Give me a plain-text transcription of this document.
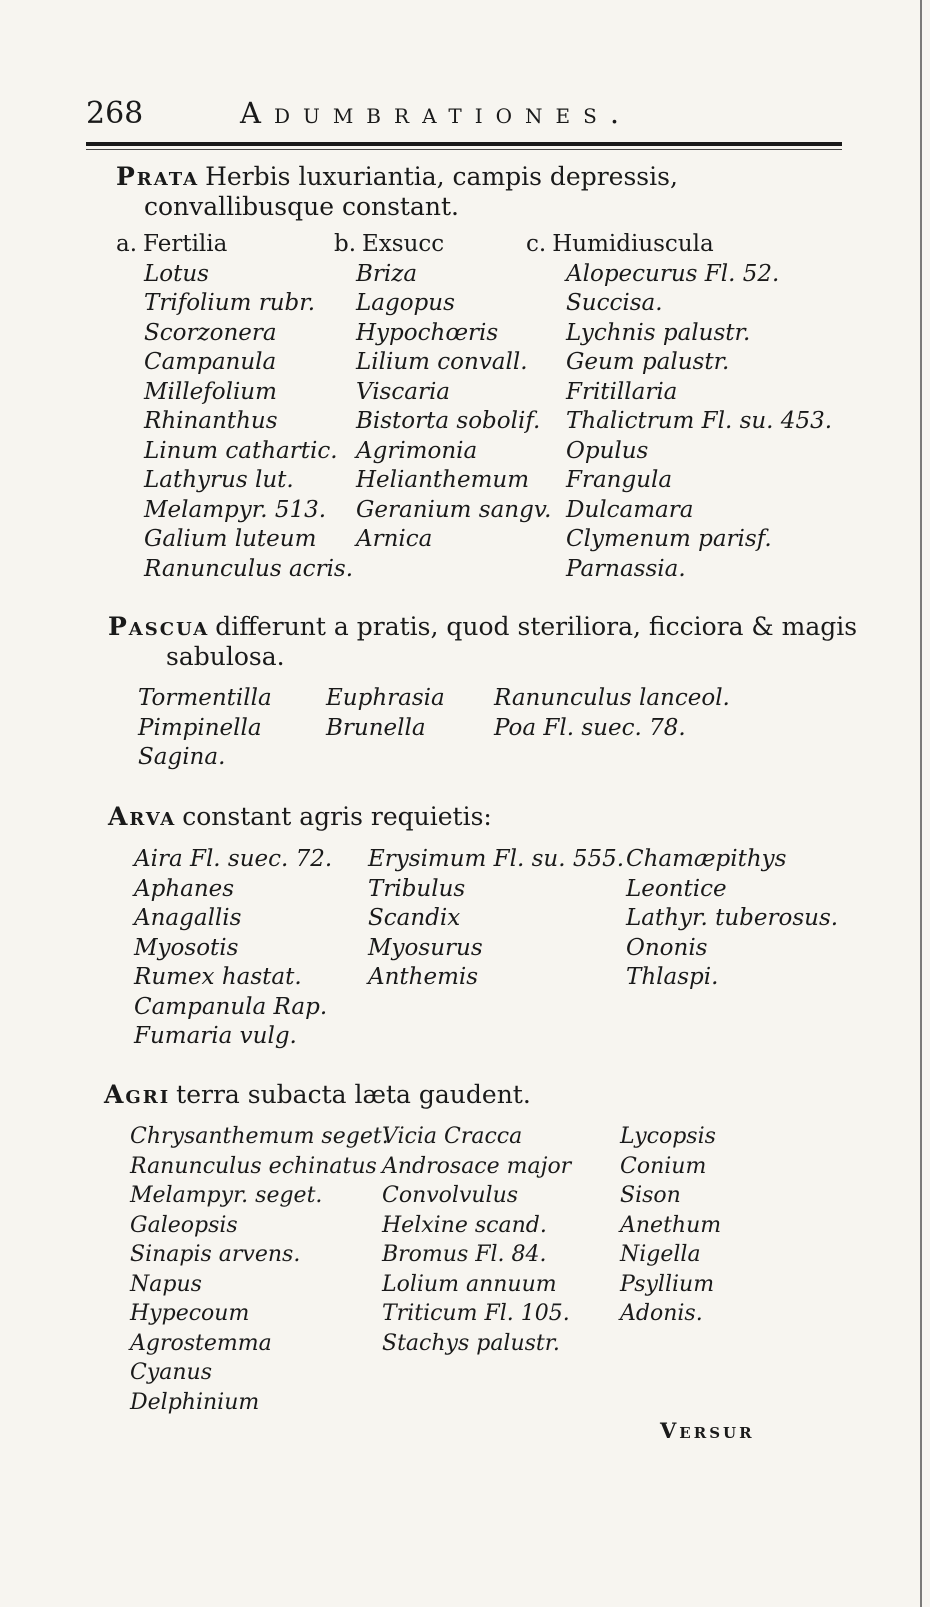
268	Adumbrationes.
Prata Herbis luxuriantia, campis depressis, convallibusque constant.
a. Fertilia
Lotus
Trifolium rubr.
Scorzonera
Campanula
Millefolium
Rhinanthus
Linum cathartic.
Lathyrus lut.
Melampyr. 513.
Galium luteum
Ranunculus acris.
b. Exsucc
Briza
Lagopus
Hypochœris
Lilium convall.
Viscaria
Bistorta sobolif.
Agrimonia
Helianthemum
Geranium sangv.
Arnica
c. Humidiuscula
Alopecurus Fl. 52.
Succisa.
Lychnis palustr.
Geum palustr.
Fritillaria
Thalictrum Fl. su. 453.
Opulus
Frangula
Dulcamara
Clymenum parisf.
Parnassia.
Pascua differunt a pratis, quod steriliora, ficciora & magis sabulosa.
Tormentilla
Pimpinella
Sagina.
Euphrasia
Brunella
Ranunculus lanceol.
Poa Fl. suec. 78.
Arva constant agris requietis:
Aira Fl. suec. 72.
Aphanes
Anagallis
Myosotis
Rumex hastat.
Campanula Rap.
Fumaria vulg.
Erysimum Fl. su. 555.
Tribulus
Scandix
Myosurus
Anthemis
Chamæpithys
Leontice
Lathyr. tuberosus.
Ononis
Thlaspi.
Agri terra subacta læta gaudent.
Chrysanthemum seget.
Ranunculus echinatus
Melampyr. seget.
Galeopsis
Sinapis arvens.
Napus
Hypecoum
Agrostemma
Cyanus
Delphinium
Vicia Cracca
Androsace major
Convolvulus
Helxine scand.
Bromus Fl. 84.
Lolium annuum
Triticum Fl. 105.
Stachys palustr.
Lycopsis
Conium
Sison
Anethum
Nigella
Psyllium
Adonis.
Versur
